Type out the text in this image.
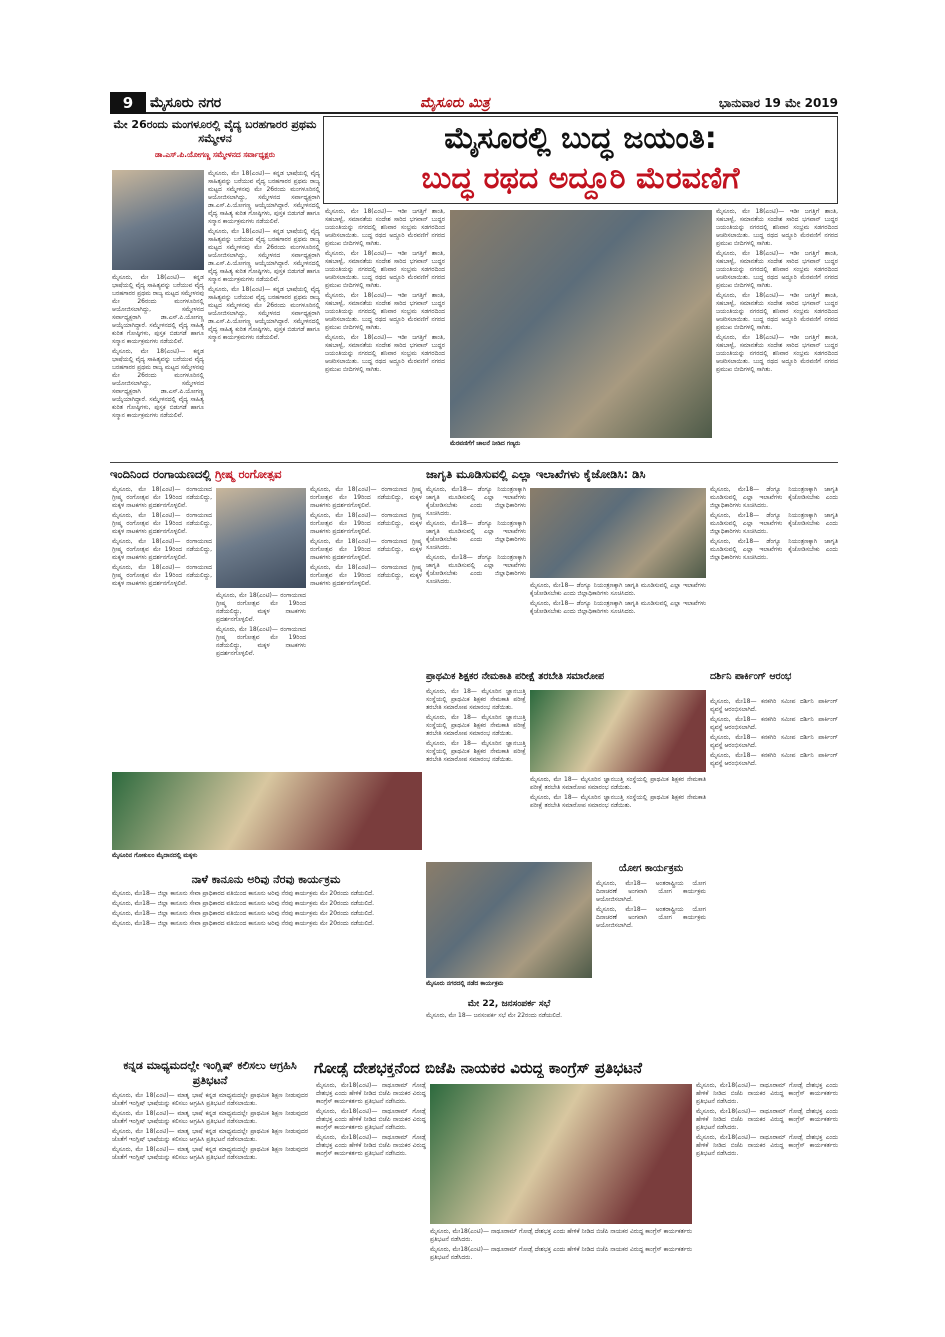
9	ಮೈಸೂರು ನಗರ	ಮೈಸೂರು ಮಿತ್ರ	ಭಾನುವಾರ 19 ಮೇ 2019
ಮೇ 26ರಂದು ಮಂಗಳೂರಲ್ಲಿ ವೈದ್ಯ ಬರಹಗಾರರ ಪ್ರಥಮ ಸಮ್ಮೇಳನ
ಡಾ.ಎಸ್.ಪಿ.ಯೋಗಣ್ಣ ಸಮ್ಮೇಳನದ ಸರ್ವಾಧ್ಯಕ್ಷರು

ಮೈಸೂರು, ಮೇ 18(ಎಂಟಿ)— ಕನ್ನಡ ಭಾಷೆಯಲ್ಲಿ ವೈದ್ಯ ಸಾಹಿತ್ಯವನ್ನು ಬರೆಯುವ ವೈದ್ಯ ಬರಹಗಾರರ ಪ್ರಥಮ ರಾಜ್ಯ ಮಟ್ಟದ ಸಮ್ಮೇಳನವು ಮೇ 26ರಂದು ಮಂಗಳೂರಿನಲ್ಲಿ ಆಯೋಜಿಸಲಾಗಿದ್ದು, ಸಮ್ಮೇಳನದ ಸರ್ವಾಧ್ಯಕ್ಷರಾಗಿ ಡಾ.ಎಸ್.ಪಿ.ಯೋಗಣ್ಣ ಆಯ್ಕೆಯಾಗಿದ್ದಾರೆ. ಸಮ್ಮೇಳನದಲ್ಲಿ ವೈದ್ಯ ಸಾಹಿತ್ಯ ಕುರಿತ ಗೋಷ್ಠಿಗಳು, ಪುಸ್ತಕ ಬಿಡುಗಡೆ ಹಾಗೂ ಸನ್ಮಾನ ಕಾರ್ಯಕ್ರಮಗಳು ನಡೆಯಲಿವೆ.

ಮೈಸೂರು, ಮೇ 18(ಎಂಟಿ)— ಕನ್ನಡ ಭಾಷೆಯಲ್ಲಿ ವೈದ್ಯ ಸಾಹಿತ್ಯವನ್ನು ಬರೆಯುವ ವೈದ್ಯ ಬರಹಗಾರರ ಪ್ರಥಮ ರಾಜ್ಯ ಮಟ್ಟದ ಸಮ್ಮೇಳನವು ಮೇ 26ರಂದು ಮಂಗಳೂರಿನಲ್ಲಿ ಆಯೋಜಿಸಲಾಗಿದ್ದು, ಸಮ್ಮೇಳನದ ಸರ್ವಾಧ್ಯಕ್ಷರಾಗಿ ಡಾ.ಎಸ್.ಪಿ.ಯೋಗಣ್ಣ ಆಯ್ಕೆಯಾಗಿದ್ದಾರೆ. ಸಮ್ಮೇಳನದಲ್ಲಿ ವೈದ್ಯ ಸಾಹಿತ್ಯ ಕುರಿತ ಗೋಷ್ಠಿಗಳು, ಪುಸ್ತಕ ಬಿಡುಗಡೆ ಹಾಗೂ ಸನ್ಮಾನ ಕಾರ್ಯಕ್ರಮಗಳು ನಡೆಯಲಿವೆ.

ಮೈಸೂರು, ಮೇ 18(ಎಂಟಿ)— ಕನ್ನಡ ಭಾಷೆಯಲ್ಲಿ ವೈದ್ಯ ಸಾಹಿತ್ಯವನ್ನು ಬರೆಯುವ ವೈದ್ಯ ಬರಹಗಾರರ ಪ್ರಥಮ ರಾಜ್ಯ ಮಟ್ಟದ ಸಮ್ಮೇಳನವು ಮೇ 26ರಂದು ಮಂಗಳೂರಿನಲ್ಲಿ ಆಯೋಜಿಸಲಾಗಿದ್ದು, ಸಮ್ಮೇಳನದ ಸರ್ವಾಧ್ಯಕ್ಷರಾಗಿ ಡಾ.ಎಸ್.ಪಿ.ಯೋಗಣ್ಣ ಆಯ್ಕೆಯಾಗಿದ್ದಾರೆ. ಸಮ್ಮೇಳನದಲ್ಲಿ ವೈದ್ಯ ಸಾಹಿತ್ಯ ಕುರಿತ ಗೋಷ್ಠಿಗಳು, ಪುಸ್ತಕ ಬಿಡುಗಡೆ ಹಾಗೂ ಸನ್ಮಾನ ಕಾರ್ಯಕ್ರಮಗಳು ನಡೆಯಲಿವೆ.

ಮೈಸೂರು, ಮೇ 18(ಎಂಟಿ)— ಕನ್ನಡ ಭಾಷೆಯಲ್ಲಿ ವೈದ್ಯ ಸಾಹಿತ್ಯವನ್ನು ಬರೆಯುವ ವೈದ್ಯ ಬರಹಗಾರರ ಪ್ರಥಮ ರಾಜ್ಯ ಮಟ್ಟದ ಸಮ್ಮೇಳನವು ಮೇ 26ರಂದು ಮಂಗಳೂರಿನಲ್ಲಿ ಆಯೋಜಿಸಲಾಗಿದ್ದು, ಸಮ್ಮೇಳನದ ಸರ್ವಾಧ್ಯಕ್ಷರಾಗಿ ಡಾ.ಎಸ್.ಪಿ.ಯೋಗಣ್ಣ ಆಯ್ಕೆಯಾಗಿದ್ದಾರೆ. ಸಮ್ಮೇಳನದಲ್ಲಿ ವೈದ್ಯ ಸಾಹಿತ್ಯ ಕುರಿತ ಗೋಷ್ಠಿಗಳು, ಪುಸ್ತಕ ಬಿಡುಗಡೆ ಹಾಗೂ ಸನ್ಮಾನ ಕಾರ್ಯಕ್ರಮಗಳು ನಡೆಯಲಿವೆ.

ಮೈಸೂರು, ಮೇ 18(ಎಂಟಿ)— ಕನ್ನಡ ಭಾಷೆಯಲ್ಲಿ ವೈದ್ಯ ಸಾಹಿತ್ಯವನ್ನು ಬರೆಯುವ ವೈದ್ಯ ಬರಹಗಾರರ ಪ್ರಥಮ ರಾಜ್ಯ ಮಟ್ಟದ ಸಮ್ಮೇಳನವು ಮೇ 26ರಂದು ಮಂಗಳೂರಿನಲ್ಲಿ ಆಯೋಜಿಸಲಾಗಿದ್ದು, ಸಮ್ಮೇಳನದ ಸರ್ವಾಧ್ಯಕ್ಷರಾಗಿ ಡಾ.ಎಸ್.ಪಿ.ಯೋಗಣ್ಣ ಆಯ್ಕೆಯಾಗಿದ್ದಾರೆ. ಸಮ್ಮೇಳನದಲ್ಲಿ ವೈದ್ಯ ಸಾಹಿತ್ಯ ಕುರಿತ ಗೋಷ್ಠಿಗಳು, ಪುಸ್ತಕ ಬಿಡುಗಡೆ ಹಾಗೂ ಸನ್ಮಾನ ಕಾರ್ಯಕ್ರಮಗಳು ನಡೆಯಲಿವೆ.

ಮೈಸೂರಲ್ಲಿ ಬುದ್ಧ ಜಯಂತಿ:
ಬುದ್ಧ ರಥದ ಅದ್ದೂರಿ ಮೆರವಣಿಗೆ

ಮೈಸೂರು, ಮೇ 18(ಎಂಟಿ)— ಇಡೀ ಜಗತ್ತಿಗೆ ಶಾಂತಿ, ಸಹಬಾಳ್ವೆ, ಸಮಾನತೆಯ ಸಂದೇಶ ಸಾರಿದ ಭಗವಾನ್ ಬುದ್ಧರ ಜಯಂತಿಯನ್ನು ನಗರದಲ್ಲಿ ಶನಿವಾರ ಸಂಭ್ರಮ ಸಡಗರದಿಂದ ಆಚರಿಸಲಾಯಿತು. ಬುದ್ಧ ರಥದ ಅದ್ದೂರಿ ಮೆರವಣಿಗೆ ನಗರದ ಪ್ರಮುಖ ಬೀದಿಗಳಲ್ಲಿ ಸಾಗಿತು.

ಮೈಸೂರು, ಮೇ 18(ಎಂಟಿ)— ಇಡೀ ಜಗತ್ತಿಗೆ ಶಾಂತಿ, ಸಹಬಾಳ್ವೆ, ಸಮಾನತೆಯ ಸಂದೇಶ ಸಾರಿದ ಭಗವಾನ್ ಬುದ್ಧರ ಜಯಂತಿಯನ್ನು ನಗರದಲ್ಲಿ ಶನಿವಾರ ಸಂಭ್ರಮ ಸಡಗರದಿಂದ ಆಚರಿಸಲಾಯಿತು. ಬುದ್ಧ ರಥದ ಅದ್ದೂರಿ ಮೆರವಣಿಗೆ ನಗರದ ಪ್ರಮುಖ ಬೀದಿಗಳಲ್ಲಿ ಸಾಗಿತು.

ಮೈಸೂರು, ಮೇ 18(ಎಂಟಿ)— ಇಡೀ ಜಗತ್ತಿಗೆ ಶಾಂತಿ, ಸಹಬಾಳ್ವೆ, ಸಮಾನತೆಯ ಸಂದೇಶ ಸಾರಿದ ಭಗವಾನ್ ಬುದ್ಧರ ಜಯಂತಿಯನ್ನು ನಗರದಲ್ಲಿ ಶನಿವಾರ ಸಂಭ್ರಮ ಸಡಗರದಿಂದ ಆಚರಿಸಲಾಯಿತು. ಬುದ್ಧ ರಥದ ಅದ್ದೂರಿ ಮೆರವಣಿಗೆ ನಗರದ ಪ್ರಮುಖ ಬೀದಿಗಳಲ್ಲಿ ಸಾಗಿತು.

ಮೈಸೂರು, ಮೇ 18(ಎಂಟಿ)— ಇಡೀ ಜಗತ್ತಿಗೆ ಶಾಂತಿ, ಸಹಬಾಳ್ವೆ, ಸಮಾನತೆಯ ಸಂದೇಶ ಸಾರಿದ ಭಗವಾನ್ ಬುದ್ಧರ ಜಯಂತಿಯನ್ನು ನಗರದಲ್ಲಿ ಶನಿವಾರ ಸಂಭ್ರಮ ಸಡಗರದಿಂದ ಆಚರಿಸಲಾಯಿತು. ಬುದ್ಧ ರಥದ ಅದ್ದೂರಿ ಮೆರವಣಿಗೆ ನಗರದ ಪ್ರಮುಖ ಬೀದಿಗಳಲ್ಲಿ ಸಾಗಿತು.

ಮೆರವಣಿಗೆಗೆ ಚಾಲನೆ ನೀಡಿದ ಗಣ್ಯರು

ಮೈಸೂರು, ಮೇ 18(ಎಂಟಿ)— ಇಡೀ ಜಗತ್ತಿಗೆ ಶಾಂತಿ, ಸಹಬಾಳ್ವೆ, ಸಮಾನತೆಯ ಸಂದೇಶ ಸಾರಿದ ಭಗವಾನ್ ಬುದ್ಧರ ಜಯಂತಿಯನ್ನು ನಗರದಲ್ಲಿ ಶನಿವಾರ ಸಂಭ್ರಮ ಸಡಗರದಿಂದ ಆಚರಿಸಲಾಯಿತು. ಬುದ್ಧ ರಥದ ಅದ್ದೂರಿ ಮೆರವಣಿಗೆ ನಗರದ ಪ್ರಮುಖ ಬೀದಿಗಳಲ್ಲಿ ಸಾಗಿತು.

ಮೈಸೂರು, ಮೇ 18(ಎಂಟಿ)— ಇಡೀ ಜಗತ್ತಿಗೆ ಶಾಂತಿ, ಸಹಬಾಳ್ವೆ, ಸಮಾನತೆಯ ಸಂದೇಶ ಸಾರಿದ ಭಗವಾನ್ ಬುದ್ಧರ ಜಯಂತಿಯನ್ನು ನಗರದಲ್ಲಿ ಶನಿವಾರ ಸಂಭ್ರಮ ಸಡಗರದಿಂದ ಆಚರಿಸಲಾಯಿತು. ಬುದ್ಧ ರಥದ ಅದ್ದೂರಿ ಮೆರವಣಿಗೆ ನಗರದ ಪ್ರಮುಖ ಬೀದಿಗಳಲ್ಲಿ ಸಾಗಿತು.

ಮೈಸೂರು, ಮೇ 18(ಎಂಟಿ)— ಇಡೀ ಜಗತ್ತಿಗೆ ಶಾಂತಿ, ಸಹಬಾಳ್ವೆ, ಸಮಾನತೆಯ ಸಂದೇಶ ಸಾರಿದ ಭಗವಾನ್ ಬುದ್ಧರ ಜಯಂತಿಯನ್ನು ನಗರದಲ್ಲಿ ಶನಿವಾರ ಸಂಭ್ರಮ ಸಡಗರದಿಂದ ಆಚರಿಸಲಾಯಿತು. ಬುದ್ಧ ರಥದ ಅದ್ದೂರಿ ಮೆರವಣಿಗೆ ನಗರದ ಪ್ರಮುಖ ಬೀದಿಗಳಲ್ಲಿ ಸಾಗಿತು.

ಮೈಸೂರು, ಮೇ 18(ಎಂಟಿ)— ಇಡೀ ಜಗತ್ತಿಗೆ ಶಾಂತಿ, ಸಹಬಾಳ್ವೆ, ಸಮಾನತೆಯ ಸಂದೇಶ ಸಾರಿದ ಭಗವಾನ್ ಬುದ್ಧರ ಜಯಂತಿಯನ್ನು ನಗರದಲ್ಲಿ ಶನಿವಾರ ಸಂಭ್ರಮ ಸಡಗರದಿಂದ ಆಚರಿಸಲಾಯಿತು. ಬುದ್ಧ ರಥದ ಅದ್ದೂರಿ ಮೆರವಣಿಗೆ ನಗರದ ಪ್ರಮುಖ ಬೀದಿಗಳಲ್ಲಿ ಸಾಗಿತು.

ಇಂದಿನಿಂದ ರಂಗಾಯಣದಲ್ಲಿ ಗ್ರೀಷ್ಮ ರಂಗೋತ್ಸವ

ಮೈಸೂರು, ಮೇ 18(ಎಂಟಿ)— ರಂಗಾಯಣದ ಗ್ರೀಷ್ಮ ರಂಗೋತ್ಸವ ಮೇ 19ರಿಂದ ನಡೆಯಲಿದ್ದು, ಮಕ್ಕಳ ನಾಟಕಗಳು ಪ್ರದರ್ಶನಗೊಳ್ಳಲಿವೆ.

ಮೈಸೂರು, ಮೇ 18(ಎಂಟಿ)— ರಂಗಾಯಣದ ಗ್ರೀಷ್ಮ ರಂಗೋತ್ಸವ ಮೇ 19ರಿಂದ ನಡೆಯಲಿದ್ದು, ಮಕ್ಕಳ ನಾಟಕಗಳು ಪ್ರದರ್ಶನಗೊಳ್ಳಲಿವೆ.

ಮೈಸೂರು, ಮೇ 18(ಎಂಟಿ)— ರಂಗಾಯಣದ ಗ್ರೀಷ್ಮ ರಂಗೋತ್ಸವ ಮೇ 19ರಿಂದ ನಡೆಯಲಿದ್ದು, ಮಕ್ಕಳ ನಾಟಕಗಳು ಪ್ರದರ್ಶನಗೊಳ್ಳಲಿವೆ.

ಮೈಸೂರು, ಮೇ 18(ಎಂಟಿ)— ರಂಗಾಯಣದ ಗ್ರೀಷ್ಮ ರಂಗೋತ್ಸವ ಮೇ 19ರಿಂದ ನಡೆಯಲಿದ್ದು, ಮಕ್ಕಳ ನಾಟಕಗಳು ಪ್ರದರ್ಶನಗೊಳ್ಳಲಿವೆ.

ಮೈಸೂರು, ಮೇ 18(ಎಂಟಿ)— ರಂಗಾಯಣದ ಗ್ರೀಷ್ಮ ರಂಗೋತ್ಸವ ಮೇ 19ರಿಂದ ನಡೆಯಲಿದ್ದು, ಮಕ್ಕಳ ನಾಟಕಗಳು ಪ್ರದರ್ಶನಗೊಳ್ಳಲಿವೆ.

ಮೈಸೂರು, ಮೇ 18(ಎಂಟಿ)— ರಂಗಾಯಣದ ಗ್ರೀಷ್ಮ ರಂಗೋತ್ಸವ ಮೇ 19ರಿಂದ ನಡೆಯಲಿದ್ದು, ಮಕ್ಕಳ ನಾಟಕಗಳು ಪ್ರದರ್ಶನಗೊಳ್ಳಲಿವೆ.

ಮೈಸೂರು, ಮೇ 18(ಎಂಟಿ)— ರಂಗಾಯಣದ ಗ್ರೀಷ್ಮ ರಂಗೋತ್ಸವ ಮೇ 19ರಿಂದ ನಡೆಯಲಿದ್ದು, ಮಕ್ಕಳ ನಾಟಕಗಳು ಪ್ರದರ್ಶನಗೊಳ್ಳಲಿವೆ.

ಮೈಸೂರು, ಮೇ 18(ಎಂಟಿ)— ರಂಗಾಯಣದ ಗ್ರೀಷ್ಮ ರಂಗೋತ್ಸವ ಮೇ 19ರಿಂದ ನಡೆಯಲಿದ್ದು, ಮಕ್ಕಳ ನಾಟಕಗಳು ಪ್ರದರ್ಶನಗೊಳ್ಳಲಿವೆ.

ಮೈಸೂರು, ಮೇ 18(ಎಂಟಿ)— ರಂಗಾಯಣದ ಗ್ರೀಷ್ಮ ರಂಗೋತ್ಸವ ಮೇ 19ರಿಂದ ನಡೆಯಲಿದ್ದು, ಮಕ್ಕಳ ನಾಟಕಗಳು ಪ್ರದರ್ಶನಗೊಳ್ಳಲಿವೆ.

ಮೈಸೂರು, ಮೇ 18(ಎಂಟಿ)— ರಂಗಾಯಣದ ಗ್ರೀಷ್ಮ ರಂಗೋತ್ಸವ ಮೇ 19ರಿಂದ ನಡೆಯಲಿದ್ದು, ಮಕ್ಕಳ ನಾಟಕಗಳು ಪ್ರದರ್ಶನಗೊಳ್ಳಲಿವೆ.

ಮೈಸೂರಿನ ಗೋಕುಲಂ ಮೈದಾನದಲ್ಲಿ ಮಕ್ಕಳು
ಜಾಗೃತಿ ಮೂಡಿಸುವಲ್ಲಿ ಎಲ್ಲಾ ಇಲಾಖೆಗಳು ಕೈಜೋಡಿಸಿ: ಡಿಸಿ

ಮೈಸೂರು, ಮೇ18— ಡೆಂಗ್ಯೂ ನಿಯಂತ್ರಣಕ್ಕಾಗಿ ಜಾಗೃತಿ ಮೂಡಿಸುವಲ್ಲಿ ಎಲ್ಲಾ ಇಲಾಖೆಗಳು ಕೈಜೋಡಿಸಬೇಕು ಎಂದು ಜಿಲ್ಲಾಧಿಕಾರಿಗಳು ಸೂಚಿಸಿದರು.

ಮೈಸೂರು, ಮೇ18— ಡೆಂಗ್ಯೂ ನಿಯಂತ್ರಣಕ್ಕಾಗಿ ಜಾಗೃತಿ ಮೂಡಿಸುವಲ್ಲಿ ಎಲ್ಲಾ ಇಲಾಖೆಗಳು ಕೈಜೋಡಿಸಬೇಕು ಎಂದು ಜಿಲ್ಲಾಧಿಕಾರಿಗಳು ಸೂಚಿಸಿದರು.

ಮೈಸೂರು, ಮೇ18— ಡೆಂಗ್ಯೂ ನಿಯಂತ್ರಣಕ್ಕಾಗಿ ಜಾಗೃತಿ ಮೂಡಿಸುವಲ್ಲಿ ಎಲ್ಲಾ ಇಲಾಖೆಗಳು ಕೈಜೋಡಿಸಬೇಕು ಎಂದು ಜಿಲ್ಲಾಧಿಕಾರಿಗಳು ಸೂಚಿಸಿದರು.

ಮೈಸೂರು, ಮೇ18— ಡೆಂಗ್ಯೂ ನಿಯಂತ್ರಣಕ್ಕಾಗಿ ಜಾಗೃತಿ ಮೂಡಿಸುವಲ್ಲಿ ಎಲ್ಲಾ ಇಲಾಖೆಗಳು ಕೈಜೋಡಿಸಬೇಕು ಎಂದು ಜಿಲ್ಲಾಧಿಕಾರಿಗಳು ಸೂಚಿಸಿದರು.

ಮೈಸೂರು, ಮೇ18— ಡೆಂಗ್ಯೂ ನಿಯಂತ್ರಣಕ್ಕಾಗಿ ಜಾಗೃತಿ ಮೂಡಿಸುವಲ್ಲಿ ಎಲ್ಲಾ ಇಲಾಖೆಗಳು ಕೈಜೋಡಿಸಬೇಕು ಎಂದು ಜಿಲ್ಲಾಧಿಕಾರಿಗಳು ಸೂಚಿಸಿದರು.

ಮೈಸೂರು, ಮೇ18— ಡೆಂಗ್ಯೂ ನಿಯಂತ್ರಣಕ್ಕಾಗಿ ಜಾಗೃತಿ ಮೂಡಿಸುವಲ್ಲಿ ಎಲ್ಲಾ ಇಲಾಖೆಗಳು ಕೈಜೋಡಿಸಬೇಕು ಎಂದು ಜಿಲ್ಲಾಧಿಕಾರಿಗಳು ಸೂಚಿಸಿದರು.

ಮೈಸೂರು, ಮೇ18— ಡೆಂಗ್ಯೂ ನಿಯಂತ್ರಣಕ್ಕಾಗಿ ಜಾಗೃತಿ ಮೂಡಿಸುವಲ್ಲಿ ಎಲ್ಲಾ ಇಲಾಖೆಗಳು ಕೈಜೋಡಿಸಬೇಕು ಎಂದು ಜಿಲ್ಲಾಧಿಕಾರಿಗಳು ಸೂಚಿಸಿದರು.

ಮೈಸೂರು, ಮೇ18— ಡೆಂಗ್ಯೂ ನಿಯಂತ್ರಣಕ್ಕಾಗಿ ಜಾಗೃತಿ ಮೂಡಿಸುವಲ್ಲಿ ಎಲ್ಲಾ ಇಲಾಖೆಗಳು ಕೈಜೋಡಿಸಬೇಕು ಎಂದು ಜಿಲ್ಲಾಧಿಕಾರಿಗಳು ಸೂಚಿಸಿದರು.

ಪ್ರಾಥಮಿಕ ಶಿಕ್ಷಕರ ನೇಮಕಾತಿ ಪರೀಕ್ಷೆ ತರಬೇತಿ ಸಮಾರೋಪ

ಮೈಸೂರು, ಮೇ 18— ಮೈಸೂರಿನ ಜ್ಞಾನಬುತ್ತಿ ಸಂಸ್ಥೆಯಲ್ಲಿ ಪ್ರಾಥಮಿಕ ಶಿಕ್ಷಕರ ನೇಮಕಾತಿ ಪರೀಕ್ಷೆ ತರಬೇತಿ ಸಮಾರೋಪ ಸಮಾರಂಭ ನಡೆಯಿತು.

ಮೈಸೂರು, ಮೇ 18— ಮೈಸೂರಿನ ಜ್ಞಾನಬುತ್ತಿ ಸಂಸ್ಥೆಯಲ್ಲಿ ಪ್ರಾಥಮಿಕ ಶಿಕ್ಷಕರ ನೇಮಕಾತಿ ಪರೀಕ್ಷೆ ತರಬೇತಿ ಸಮಾರೋಪ ಸಮಾರಂಭ ನಡೆಯಿತು.

ಮೈಸೂರು, ಮೇ 18— ಮೈಸೂರಿನ ಜ್ಞಾನಬುತ್ತಿ ಸಂಸ್ಥೆಯಲ್ಲಿ ಪ್ರಾಥಮಿಕ ಶಿಕ್ಷಕರ ನೇಮಕಾತಿ ಪರೀಕ್ಷೆ ತರಬೇತಿ ಸಮಾರೋಪ ಸಮಾರಂಭ ನಡೆಯಿತು.

ಮೈಸೂರು, ಮೇ 18— ಮೈಸೂರಿನ ಜ್ಞಾನಬುತ್ತಿ ಸಂಸ್ಥೆಯಲ್ಲಿ ಪ್ರಾಥಮಿಕ ಶಿಕ್ಷಕರ ನೇಮಕಾತಿ ಪರೀಕ್ಷೆ ತರಬೇತಿ ಸಮಾರೋಪ ಸಮಾರಂಭ ನಡೆಯಿತು.

ಮೈಸೂರು, ಮೇ 18— ಮೈಸೂರಿನ ಜ್ಞಾನಬುತ್ತಿ ಸಂಸ್ಥೆಯಲ್ಲಿ ಪ್ರಾಥಮಿಕ ಶಿಕ್ಷಕರ ನೇಮಕಾತಿ ಪರೀಕ್ಷೆ ತರಬೇತಿ ಸಮಾರೋಪ ಸಮಾರಂಭ ನಡೆಯಿತು.

ದರ್ಶಿನಿ ಪಾರ್ಕಿಂಗ್ ಆರಂಭ

ಮೈಸೂರು, ಮೇ18— ಕನಕಗಿರಿ ಸಮೀಪ ದರ್ಶಿನಿ ಪಾರ್ಕಿಂಗ್ ವ್ಯವಸ್ಥೆ ಆರಂಭಿಸಲಾಗಿದೆ.

ಮೈಸೂರು, ಮೇ18— ಕನಕಗಿರಿ ಸಮೀಪ ದರ್ಶಿನಿ ಪಾರ್ಕಿಂಗ್ ವ್ಯವಸ್ಥೆ ಆರಂಭಿಸಲಾಗಿದೆ.

ಮೈಸೂರು, ಮೇ18— ಕನಕಗಿರಿ ಸಮೀಪ ದರ್ಶಿನಿ ಪಾರ್ಕಿಂಗ್ ವ್ಯವಸ್ಥೆ ಆರಂಭಿಸಲಾಗಿದೆ.

ಮೈಸೂರು, ಮೇ18— ಕನಕಗಿರಿ ಸಮೀಪ ದರ್ಶಿನಿ ಪಾರ್ಕಿಂಗ್ ವ್ಯವಸ್ಥೆ ಆರಂಭಿಸಲಾಗಿದೆ.

ಯೋಗ ಕಾರ್ಯಕ್ರಮ

ಮೈಸೂರು, ಮೇ18— ಅಂತರಾಷ್ಟ್ರೀಯ ಯೋಗ ದಿನಾಚರಣೆ ಅಂಗವಾಗಿ ಯೋಗ ಕಾರ್ಯಕ್ರಮ ಆಯೋಜಿಸಲಾಗಿದೆ.

ಮೈಸೂರು, ಮೇ18— ಅಂತರಾಷ್ಟ್ರೀಯ ಯೋಗ ದಿನಾಚರಣೆ ಅಂಗವಾಗಿ ಯೋಗ ಕಾರ್ಯಕ್ರಮ ಆಯೋಜಿಸಲಾಗಿದೆ.

ಮೈಸೂರು ನಗರದಲ್ಲಿ ನಡೆದ ಕಾರ್ಯಕ್ರಮ
ಮೇ 22, ಜನಸಂಪರ್ಕ ಸಭೆ

ಮೈಸೂರು, ಮೇ 18— ಜನಸಂಪರ್ಕ ಸಭೆ ಮೇ 22ರಂದು ನಡೆಯಲಿದೆ.

ನಾಳೆ ಕಾನೂನು ಅರಿವು ನೆರವು ಕಾರ್ಯಕ್ರಮ

ಮೈಸೂರು, ಮೇ18— ಜಿಲ್ಲಾ ಕಾನೂನು ಸೇವಾ ಪ್ರಾಧಿಕಾರದ ವತಿಯಿಂದ ಕಾನೂನು ಅರಿವು ನೆರವು ಕಾರ್ಯಕ್ರಮ ಮೇ 20ರಂದು ನಡೆಯಲಿದೆ.

ಮೈಸೂರು, ಮೇ18— ಜಿಲ್ಲಾ ಕಾನೂನು ಸೇವಾ ಪ್ರಾಧಿಕಾರದ ವತಿಯಿಂದ ಕಾನೂನು ಅರಿವು ನೆರವು ಕಾರ್ಯಕ್ರಮ ಮೇ 20ರಂದು ನಡೆಯಲಿದೆ.

ಮೈಸೂರು, ಮೇ18— ಜಿಲ್ಲಾ ಕಾನೂನು ಸೇವಾ ಪ್ರಾಧಿಕಾರದ ವತಿಯಿಂದ ಕಾನೂನು ಅರಿವು ನೆರವು ಕಾರ್ಯಕ್ರಮ ಮೇ 20ರಂದು ನಡೆಯಲಿದೆ.

ಮೈಸೂರು, ಮೇ18— ಜಿಲ್ಲಾ ಕಾನೂನು ಸೇವಾ ಪ್ರಾಧಿಕಾರದ ವತಿಯಿಂದ ಕಾನೂನು ಅರಿವು ನೆರವು ಕಾರ್ಯಕ್ರಮ ಮೇ 20ರಂದು ನಡೆಯಲಿದೆ.

ಕನ್ನಡ ಮಾಧ್ಯಮದಲ್ಲೇ ಇಂಗ್ಲಿಷ್ ಕಲಿಸಲು ಆಗ್ರಹಿಸಿ ಪ್ರತಿಭಟನೆ

ಮೈಸೂರು, ಮೇ 18(ಎಂಟಿ)— ಮಾತೃ ಭಾಷೆ ಕನ್ನಡ ಮಾಧ್ಯಮದಲ್ಲೇ ಪ್ರಾಥಮಿಕ ಶಿಕ್ಷಣ ನೀಡುವುದರ ಜೊತೆಗೆ ಇಂಗ್ಲಿಷ್ ಭಾಷೆಯನ್ನು ಕಲಿಸಲು ಆಗ್ರಹಿಸಿ ಪ್ರತಿಭಟನೆ ನಡೆಸಲಾಯಿತು.

ಮೈಸೂರು, ಮೇ 18(ಎಂಟಿ)— ಮಾತೃ ಭಾಷೆ ಕನ್ನಡ ಮಾಧ್ಯಮದಲ್ಲೇ ಪ್ರಾಥಮಿಕ ಶಿಕ್ಷಣ ನೀಡುವುದರ ಜೊತೆಗೆ ಇಂಗ್ಲಿಷ್ ಭಾಷೆಯನ್ನು ಕಲಿಸಲು ಆಗ್ರಹಿಸಿ ಪ್ರತಿಭಟನೆ ನಡೆಸಲಾಯಿತು.

ಮೈಸೂರು, ಮೇ 18(ಎಂಟಿ)— ಮಾತೃ ಭಾಷೆ ಕನ್ನಡ ಮಾಧ್ಯಮದಲ್ಲೇ ಪ್ರಾಥಮಿಕ ಶಿಕ್ಷಣ ನೀಡುವುದರ ಜೊತೆಗೆ ಇಂಗ್ಲಿಷ್ ಭಾಷೆಯನ್ನು ಕಲಿಸಲು ಆಗ್ರಹಿಸಿ ಪ್ರತಿಭಟನೆ ನಡೆಸಲಾಯಿತು.

ಮೈಸೂರು, ಮೇ 18(ಎಂಟಿ)— ಮಾತೃ ಭಾಷೆ ಕನ್ನಡ ಮಾಧ್ಯಮದಲ್ಲೇ ಪ್ರಾಥಮಿಕ ಶಿಕ್ಷಣ ನೀಡುವುದರ ಜೊತೆಗೆ ಇಂಗ್ಲಿಷ್ ಭಾಷೆಯನ್ನು ಕಲಿಸಲು ಆಗ್ರಹಿಸಿ ಪ್ರತಿಭಟನೆ ನಡೆಸಲಾಯಿತು.

ಗೋಡ್ಸೆ ದೇಶಭಕ್ತನೆಂದ ಬಿಜೆಪಿ ನಾಯಕರ ವಿರುದ್ಧ ಕಾಂಗ್ರೆಸ್ ಪ್ರತಿಭಟನೆ

ಮೈಸೂರು, ಮೇ18(ಎಂಟಿ)— ನಾಥೂರಾಮ್ ಗೋಡ್ಸೆ ದೇಶಭಕ್ತ ಎಂದು ಹೇಳಿಕೆ ನೀಡಿದ ಬಿಜೆಪಿ ನಾಯಕರ ವಿರುದ್ಧ ಕಾಂಗ್ರೆಸ್ ಕಾರ್ಯಕರ್ತರು ಪ್ರತಿಭಟನೆ ನಡೆಸಿದರು.

ಮೈಸೂರು, ಮೇ18(ಎಂಟಿ)— ನಾಥೂರಾಮ್ ಗೋಡ್ಸೆ ದೇಶಭಕ್ತ ಎಂದು ಹೇಳಿಕೆ ನೀಡಿದ ಬಿಜೆಪಿ ನಾಯಕರ ವಿರುದ್ಧ ಕಾಂಗ್ರೆಸ್ ಕಾರ್ಯಕರ್ತರು ಪ್ರತಿಭಟನೆ ನಡೆಸಿದರು.

ಮೈಸೂರು, ಮೇ18(ಎಂಟಿ)— ನಾಥೂರಾಮ್ ಗೋಡ್ಸೆ ದೇಶಭಕ್ತ ಎಂದು ಹೇಳಿಕೆ ನೀಡಿದ ಬಿಜೆಪಿ ನಾಯಕರ ವಿರುದ್ಧ ಕಾಂಗ್ರೆಸ್ ಕಾರ್ಯಕರ್ತರು ಪ್ರತಿಭಟನೆ ನಡೆಸಿದರು.

ಮೈಸೂರು, ಮೇ18(ಎಂಟಿ)— ನಾಥೂರಾಮ್ ಗೋಡ್ಸೆ ದೇಶಭಕ್ತ ಎಂದು ಹೇಳಿಕೆ ನೀಡಿದ ಬಿಜೆಪಿ ನಾಯಕರ ವಿರುದ್ಧ ಕಾಂಗ್ರೆಸ್ ಕಾರ್ಯಕರ್ತರು ಪ್ರತಿಭಟನೆ ನಡೆಸಿದರು.

ಮೈಸೂರು, ಮೇ18(ಎಂಟಿ)— ನಾಥೂರಾಮ್ ಗೋಡ್ಸೆ ದೇಶಭಕ್ತ ಎಂದು ಹೇಳಿಕೆ ನೀಡಿದ ಬಿಜೆಪಿ ನಾಯಕರ ವಿರುದ್ಧ ಕಾಂಗ್ರೆಸ್ ಕಾರ್ಯಕರ್ತರು ಪ್ರತಿಭಟನೆ ನಡೆಸಿದರು.

ಮೈಸೂರು, ಮೇ18(ಎಂಟಿ)— ನಾಥೂರಾಮ್ ಗೋಡ್ಸೆ ದೇಶಭಕ್ತ ಎಂದು ಹೇಳಿಕೆ ನೀಡಿದ ಬಿಜೆಪಿ ನಾಯಕರ ವಿರುದ್ಧ ಕಾಂಗ್ರೆಸ್ ಕಾರ್ಯಕರ್ತರು ಪ್ರತಿಭಟನೆ ನಡೆಸಿದರು.

ಮೈಸೂರು, ಮೇ18(ಎಂಟಿ)— ನಾಥೂರಾಮ್ ಗೋಡ್ಸೆ ದೇಶಭಕ್ತ ಎಂದು ಹೇಳಿಕೆ ನೀಡಿದ ಬಿಜೆಪಿ ನಾಯಕರ ವಿರುದ್ಧ ಕಾಂಗ್ರೆಸ್ ಕಾರ್ಯಕರ್ತರು ಪ್ರತಿಭಟನೆ ನಡೆಸಿದರು.

ಮೈಸೂರು, ಮೇ18(ಎಂಟಿ)— ನಾಥೂರಾಮ್ ಗೋಡ್ಸೆ ದೇಶಭಕ್ತ ಎಂದು ಹೇಳಿಕೆ ನೀಡಿದ ಬಿಜೆಪಿ ನಾಯಕರ ವಿರುದ್ಧ ಕಾಂಗ್ರೆಸ್ ಕಾರ್ಯಕರ್ತರು ಪ್ರತಿಭಟನೆ ನಡೆಸಿದರು.
